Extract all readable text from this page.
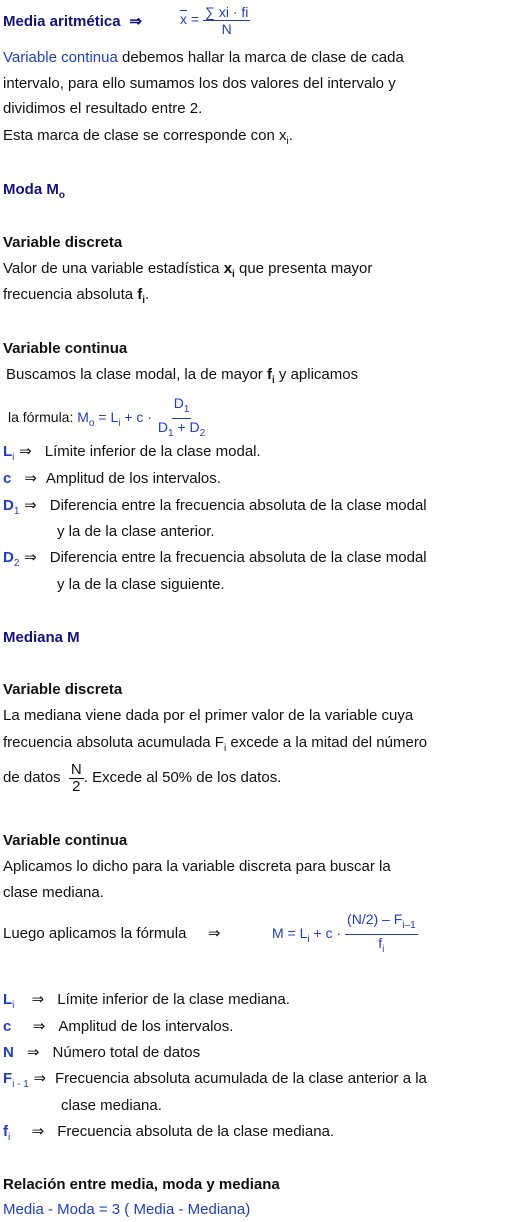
Media aritmética ⇒	$\overline{x} = \frac{\sum xi \cdot fi}{N}$
Variable continua debemos hallar la marca de clase de cada
intervalo, para ello sumamos los dos valores del intervalo y
dividimos el resultado entre 2.
Esta marca de clase se corresponde con $x_i$.
Moda $M_o$
Variable discreta
Valor de una variable estadística $x_i$ que presenta mayor
frecuencia absoluta $f_i$.
Variable continua
Buscamos la clase modal, la de mayor $f_i$ y aplicamos
la fórmula: $M_o = L_i + c \cdot \frac{D_1}{D_1 + D_2}$
$L_i$ ⇒ Límite inferior de la clase modal.
c ⇒ Amplitud de los intervalos.
$D_1$ ⇒ Diferencia entre la frecuencia absoluta de la clase modal
y la de la clase anterior.
$D_2$ ⇒ Diferencia entre la frecuencia absoluta de la clase modal
y la de la clase siguiente.
Mediana M
Variable discreta
La mediana viene dada por el primer valor de la variable cuya
frecuencia absoluta acumulada $F_i$ excede a la mitad del número
de datos $\frac{N}{2}$ . Excede al 50% de los datos.
Variable continua
Aplicamos lo dicho para la variable discreta para buscar la
clase mediana.
Luego aplicamos la fórmula ⇒	$M = L_i + c \cdot \frac{(N/2) - F_{i-1}}{f_i}$
$L_i$ ⇒ Límite inferior de la clase mediana.
c ⇒ Amplitud de los intervalos.
N ⇒ Número total de datos
$F_{i - 1}$ ⇒ Frecuencia absoluta acumulada de la clase anterior a la
clase mediana.
$f_i$ ⇒ Frecuencia absoluta de la clase mediana.
Relación entre media, moda y mediana
Media - Moda = 3 ( Media - Mediana)
